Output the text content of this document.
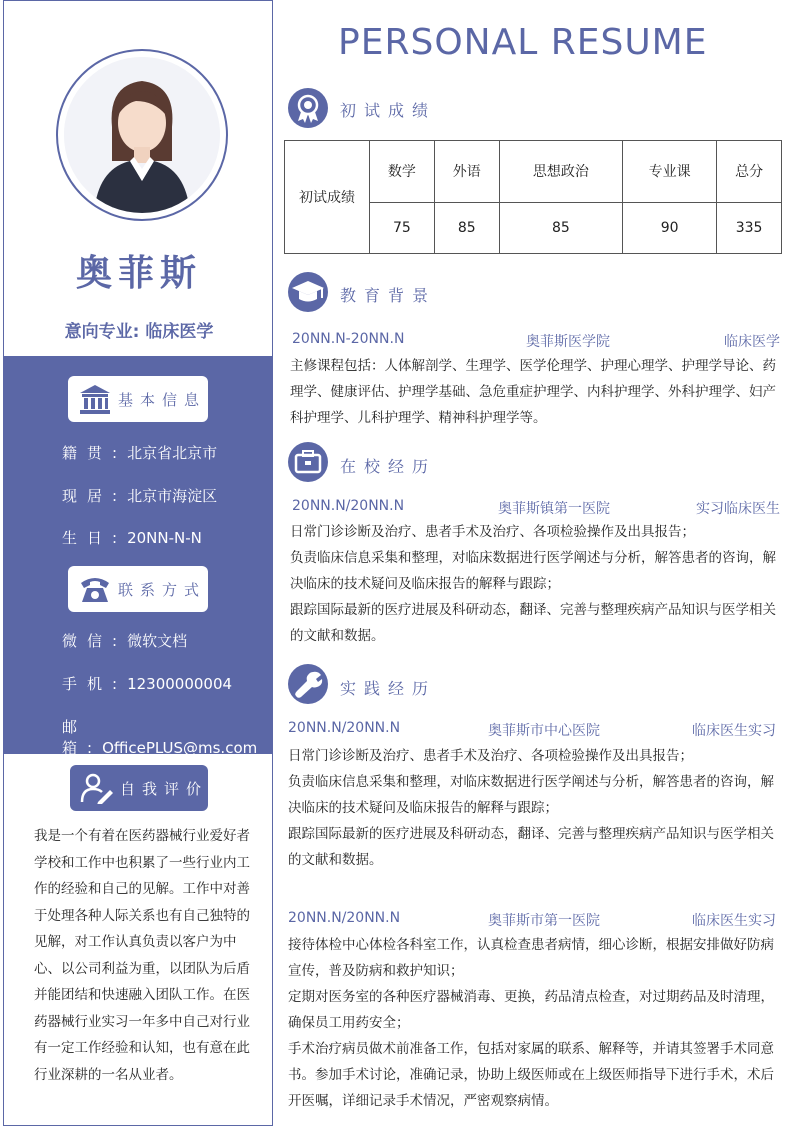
奥菲斯
意向专业: 临床医学
基本信息
籍贯:北京省北京市
现居:北京市海淀区
生日:20NN-N-N
联系方式
微信:微软文档
手机:12300000004
邮箱:OfficePLUS@ms.com
自我评价
我是一个有着在医药器械行业爱好者学校和工作中也积累了一些行业内工作的经验和自己的见解。工作中对善于处理各种人际关系也有自己独特的见解，对工作认真负责以客户为中心、以公司利益为重，以团队为后盾并能团结和快速融入团队工作。在医药器械行业实习一年多中自己对行业有一定工作经验和认知，也有意在此行业深耕的一名从业者。
PERSONAL RESUME
初试成绩
初试成绩	数学	外语	思想政治	专业课	总分
	75	85	85	90	335
教育背景
20NN.N-20NN.N	奥菲斯医学院	临床医学
主修课程包括：人体解剖学、生理学、医学伦理学、护理心理学、护理学导论、药理学、健康评估、护理学基础、急危重症护理学、内科护理学、外科护理学、妇产科护理学、儿科护理学、精神科护理学等。
在校经历
20NN.N/20NN.N	奥菲斯镇第一医院	实习临床医生
日常门诊诊断及治疗、患者手术及治疗、各项检验操作及出具报告；
负责临床信息采集和整理，对临床数据进行医学阐述与分析，解答患者的咨询，解决临床的技术疑问及临床报告的解释与跟踪；
跟踪国际最新的医疗进展及科研动态，翻译、完善与整理疾病产品知识与医学相关的文献和数据。
实践经历
20NN.N/20NN.N	奥菲斯市中心医院	临床医生实习
日常门诊诊断及治疗、患者手术及治疗、各项检验操作及出具报告；
负责临床信息采集和整理，对临床数据进行医学阐述与分析，解答患者的咨询，解决临床的技术疑问及临床报告的解释与跟踪；
跟踪国际最新的医疗进展及科研动态，翻译、完善与整理疾病产品知识与医学相关的文献和数据。
20NN.N/20NN.N	奥菲斯市第一医院	临床医生实习
接待体检中心体检各科室工作，认真检查患者病情，细心诊断，根据安排做好防病宣传，普及防病和救护知识；
定期对医务室的各种医疗器械消毒、更换，药品清点检查，对过期药品及时清理，确保员工用药安全；
手术治疗病员做术前准备工作，包括对家属的联系、解释等，并请其签署手术同意书。参加手术讨论，准确记录，协助上级医师或在上级医师指导下进行手术，术后开医嘱，详细记录手术情况，严密观察病情。
